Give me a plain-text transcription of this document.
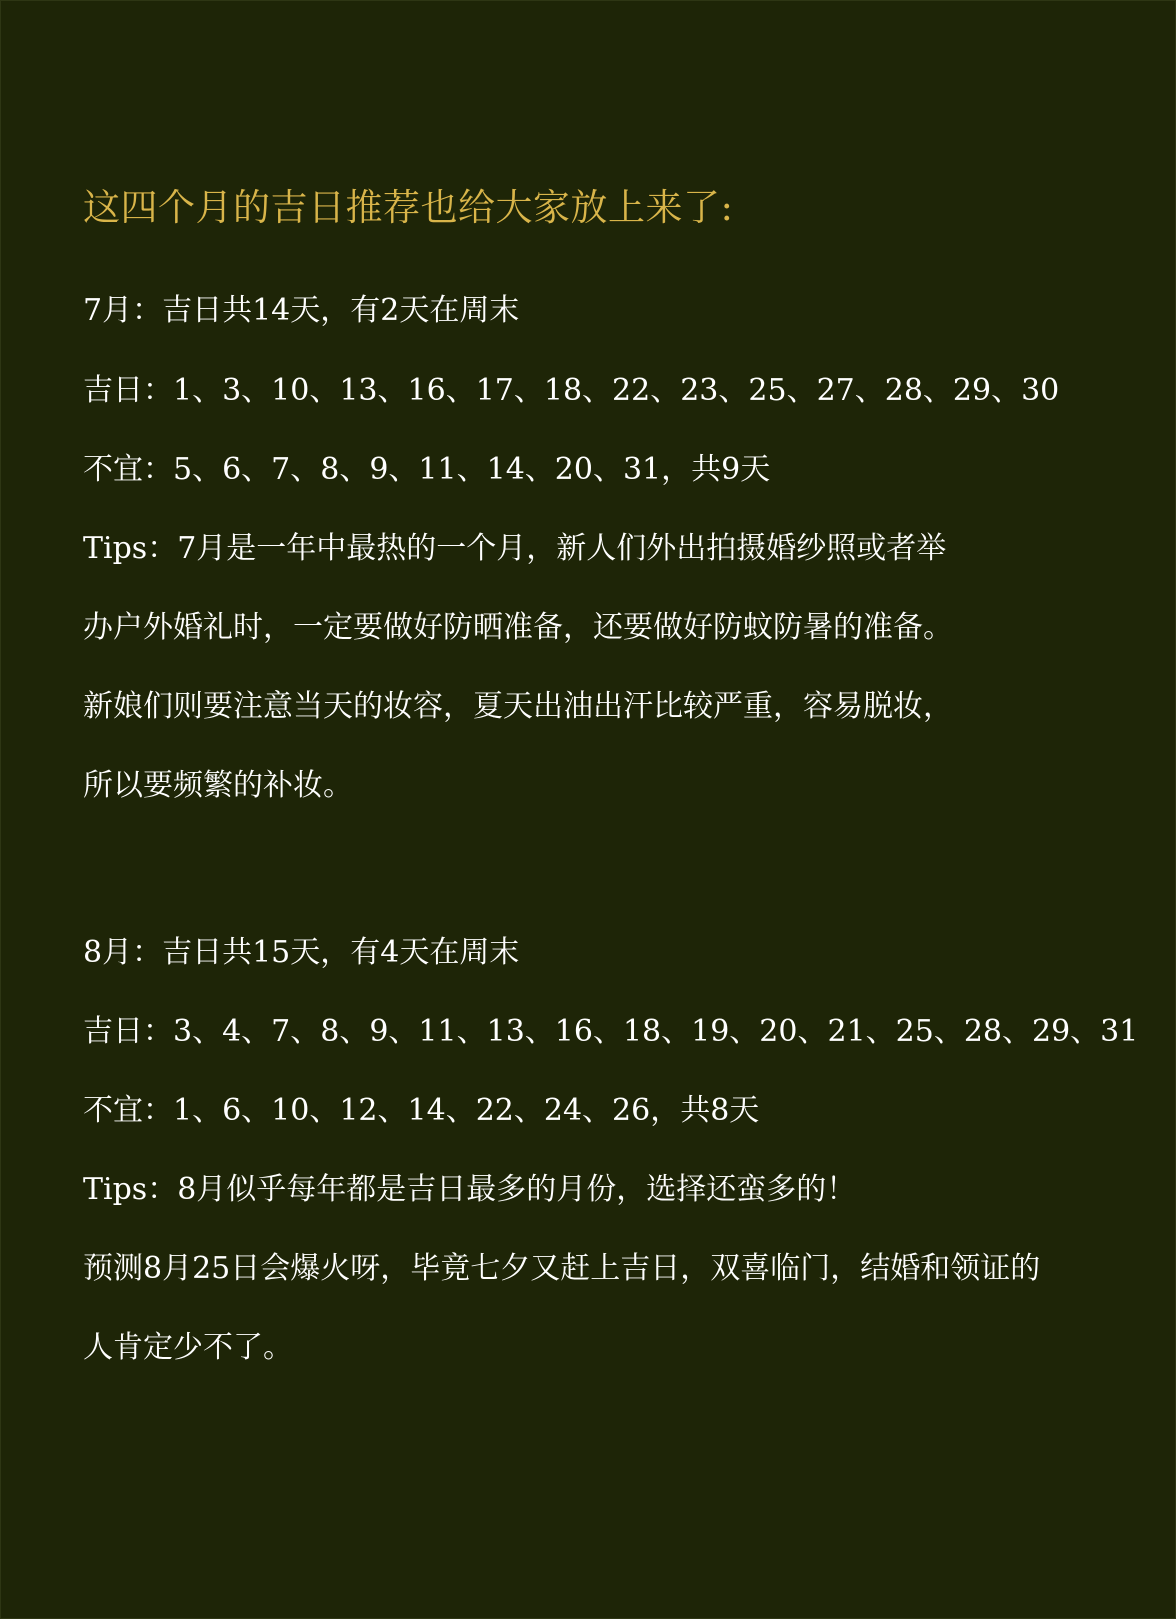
这四个月的吉日推荐也给大家放上来了:
7月：吉日共14天，有2天在周末
吉日：1、3、10、13、16、17、18、22、23、25、27、28、29、30
不宜：5、6、7、8、9、11、14、20、31，共9天
Tips：7月是一年中最热的一个月，新人们外出拍摄婚纱照或者举
办户外婚礼时，一定要做好防晒准备，还要做好防蚊防暑的准备。
新娘们则要注意当天的妆容，夏天出油出汗比较严重，容易脱妆，
所以要频繁的补妆。
8月：吉日共15天，有4天在周末
吉日：3、4、7、8、9、11、13、16、18、19、20、21、25、28、29、31
不宜：1、6、10、12、14、22、24、26，共8天
Tips：8月似乎每年都是吉日最多的月份，选择还蛮多的！
预测8月25日会爆火呀，毕竟七夕又赶上吉日，双喜临门，结婚和领证的
人肯定少不了。
